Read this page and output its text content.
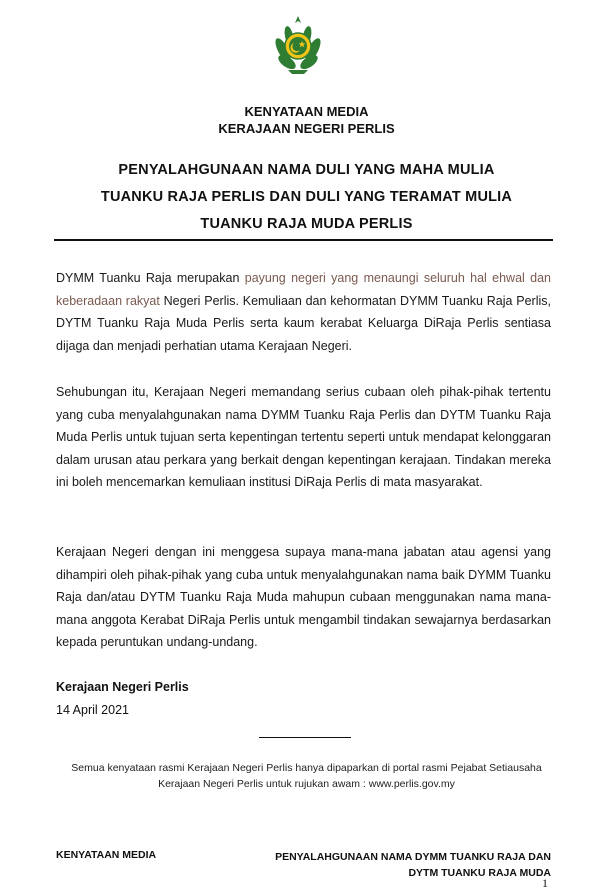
KENYATAAN MEDIA
KERAJAAN NEGERI PERLIS
PENYALAHGUNAAN NAMA DULI YANG MAHA MULIA
TUANKU RAJA PERLIS DAN DULI YANG TERAMAT MULIA
TUANKU RAJA MUDA PERLIS
DYMM Tuanku Raja merupakan payung negeri yang menaungi seluruh hal ehwal dan keberadaan rakyat Negeri Perlis. Kemuliaan dan kehormatan DYMM Tuanku Raja Perlis, DYTM Tuanku Raja Muda Perlis serta kaum kerabat Keluarga DiRaja Perlis sentiasa dijaga dan menjadi perhatian utama Kerajaan Negeri.
Sehubungan itu, Kerajaan Negeri memandang serius cubaan oleh pihak-pihak tertentu yang cuba menyalahgunakan nama DYMM Tuanku Raja Perlis dan DYTM Tuanku Raja Muda Perlis untuk tujuan serta kepentingan tertentu seperti untuk mendapat kelonggaran dalam urusan atau perkara yang berkait dengan kepentingan kerajaan. Tindakan mereka ini boleh mencemarkan kemuliaan institusi DiRaja Perlis di mata masyarakat.
Kerajaan Negeri dengan ini menggesa supaya mana-mana jabatan atau agensi yang dihampiri oleh pihak-pihak yang cuba untuk menyalahgunakan nama baik DYMM Tuanku Raja dan/atau DYTM Tuanku Raja Muda mahupun cubaan menggunakan nama mana-mana anggota Kerabat DiRaja Perlis untuk mengambil tindakan sewajarnya berdasarkan kepada peruntukan undang-undang.
Kerajaan Negeri Perlis
14 April 2021
Semua kenyataan rasmi Kerajaan Negeri Perlis hanya dipaparkan di portal rasmi Pejabat Setiausaha
Kerajaan Negeri Perlis untuk rujukan awam : www.perlis.gov.my
KENYATAAN MEDIA	PENYALAHGUNAAN NAMA DYMM TUANKU RAJA DAN
DYTM TUANKU RAJA MUDA
1
